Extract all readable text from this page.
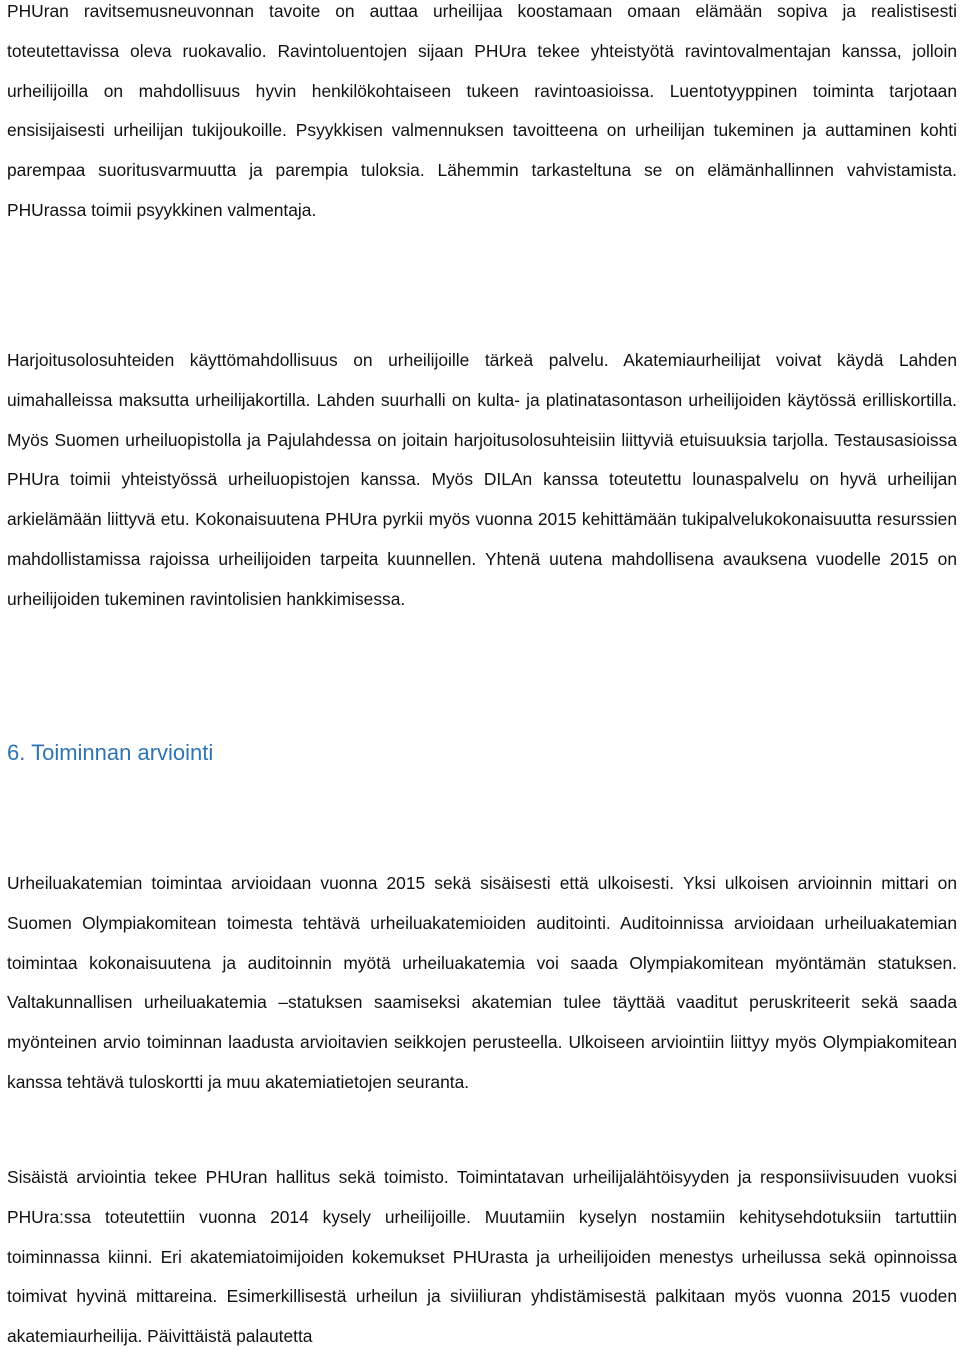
PHUran ravitsemusneuvonnan tavoite on auttaa urheilijaa koostamaan omaan elämään sopiva ja realistisesti toteutettavissa oleva ruokavalio. Ravintoluentojen sijaan PHUra tekee yhteistyötä ravintovalmentajan kanssa, jolloin urheilijoilla on mahdollisuus hyvin henkilökohtaiseen tukeen ravintoasioissa. Luentotyyppinen toiminta tarjotaan ensisijaisesti urheilijan tukijoukoille. Psyykkisen valmennuksen tavoitteena on urheilijan tukeminen ja auttaminen kohti parempaa suoritusvarmuutta ja parempia tuloksia. Lähemmin tarkasteltuna se on elämänhallinnen vahvistamista. PHUrassa toimii psyykkinen valmentaja.

Harjoitusolosuhteiden käyttömahdollisuus on urheilijoille tärkeä palvelu. Akatemiaurheilijat voivat käydä Lahden uimahalleissa maksutta urheilijakortilla. Lahden suurhalli on kulta- ja platinatasontason urheilijoiden käytössä erilliskortilla. Myös Suomen urheiluopistolla ja Pajulahdessa on joitain harjoitusolosuhteisiin liittyviä etuisuuksia tarjolla. Testausasioissa PHUra toimii yhteistyössä urheiluopistojen kanssa. Myös DILAn kanssa toteutettu lounaspalvelu on hyvä urheilijan arkielämään liittyvä etu. Kokonaisuutena PHUra pyrkii myös vuonna 2015 kehittämään tukipalvelukokonaisuutta resurssien mahdollistamissa rajoissa urheilijoiden tarpeita kuunnellen. Yhtenä uutena mahdollisena avauksena vuodelle 2015 on urheilijoiden tukeminen ravintolisien hankkimisessa.

6. Toiminnan arviointi

Urheiluakatemian toimintaa arvioidaan vuonna 2015 sekä sisäisesti että ulkoisesti. Yksi ulkoisen arvioinnin mittari on Suomen Olympiakomitean toimesta tehtävä urheiluakatemioiden auditointi. Auditoinnissa arvioidaan urheiluakatemian toimintaa kokonaisuutena ja auditoinnin myötä urheiluakatemia voi saada Olympiakomitean myöntämän statuksen. Valtakunnallisen urheiluakatemia –statuksen saamiseksi akatemian tulee täyttää vaaditut peruskriteerit sekä saada myönteinen arvio toiminnan laadusta arvioitavien seikkojen perusteella. Ulkoiseen arviointiin liittyy myös Olympiakomitean kanssa tehtävä tuloskortti ja muu akatemiatietojen seuranta.

Sisäistä arviointia tekee PHUran hallitus sekä toimisto. Toimintatavan urheilijalähtöisyyden ja responsiivisuuden vuoksi PHUra:ssa toteutettiin vuonna 2014 kysely urheilijoille. Muutamiin kyselyn nostamiin kehitysehdotuksiin tartuttiin toiminnassa kiinni. Eri akatemiatoimijoiden kokemukset PHUrasta ja urheilijoiden menestys urheilussa sekä opinnoissa toimivat hyvinä mittareina. Esimerkillisestä urheilun ja siviiliuran yhdistämisestä palkitaan myös vuonna 2015 vuoden akatemiaurheilija. Päivittäistä palautetta
